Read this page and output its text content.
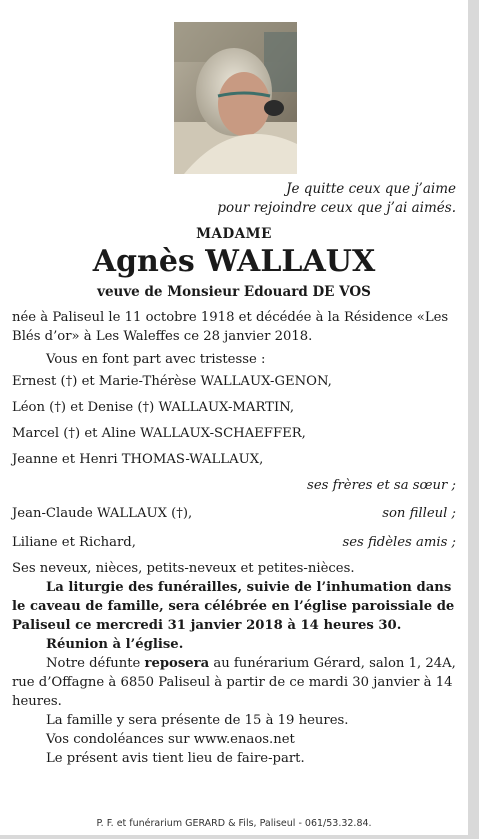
Je quitte ceux que j’aime
pour rejoindre ceux que j’ai aimés.
MADAME
Agnès WALLAUX
veuve de Monsieur Edouard DE VOS

née à Paliseul le 11 octobre 1918 et décédée à la Résidence «Les Blés d’or» à Les Waleffes ce 28 janvier 2018.

Vous en font part avec tristesse :

Ernest (†) et Marie-Thérèse WALLAUX-GENON,
Léon (†) et Denise (†) WALLAUX-MARTIN,
Marcel (†) et Aline WALLAUX-SCHAEFFER,
Jeanne et Henri THOMAS-WALLAUX,
ses frères et sa sœur ;
Jean-Claude WALLAUX (†),	son filleul ;
Liliane et Richard,	ses fidèles amis ;

Ses neveux, nièces, petits-neveux et petites-nièces.

La liturgie des funérailles, suivie de l’inhumation dans le caveau de famille, sera célébrée en l’église paroissiale de Paliseul ce mercredi 31 janvier 2018 à 14 heures 30.

Réunion à l’église.

Notre défunte reposera au funérarium Gérard, salon 1, 24A, rue d’Offagne à 6850 Paliseul à partir de ce mardi 30 janvier à 14 heures.

La famille y sera présente de 15 à 19 heures.

Vos condoléances sur www.enaos.net

Le présent avis tient lieu de faire-part.

P. F. et funérarium GERARD & Fils, Paliseul - 061/53.32.84.
